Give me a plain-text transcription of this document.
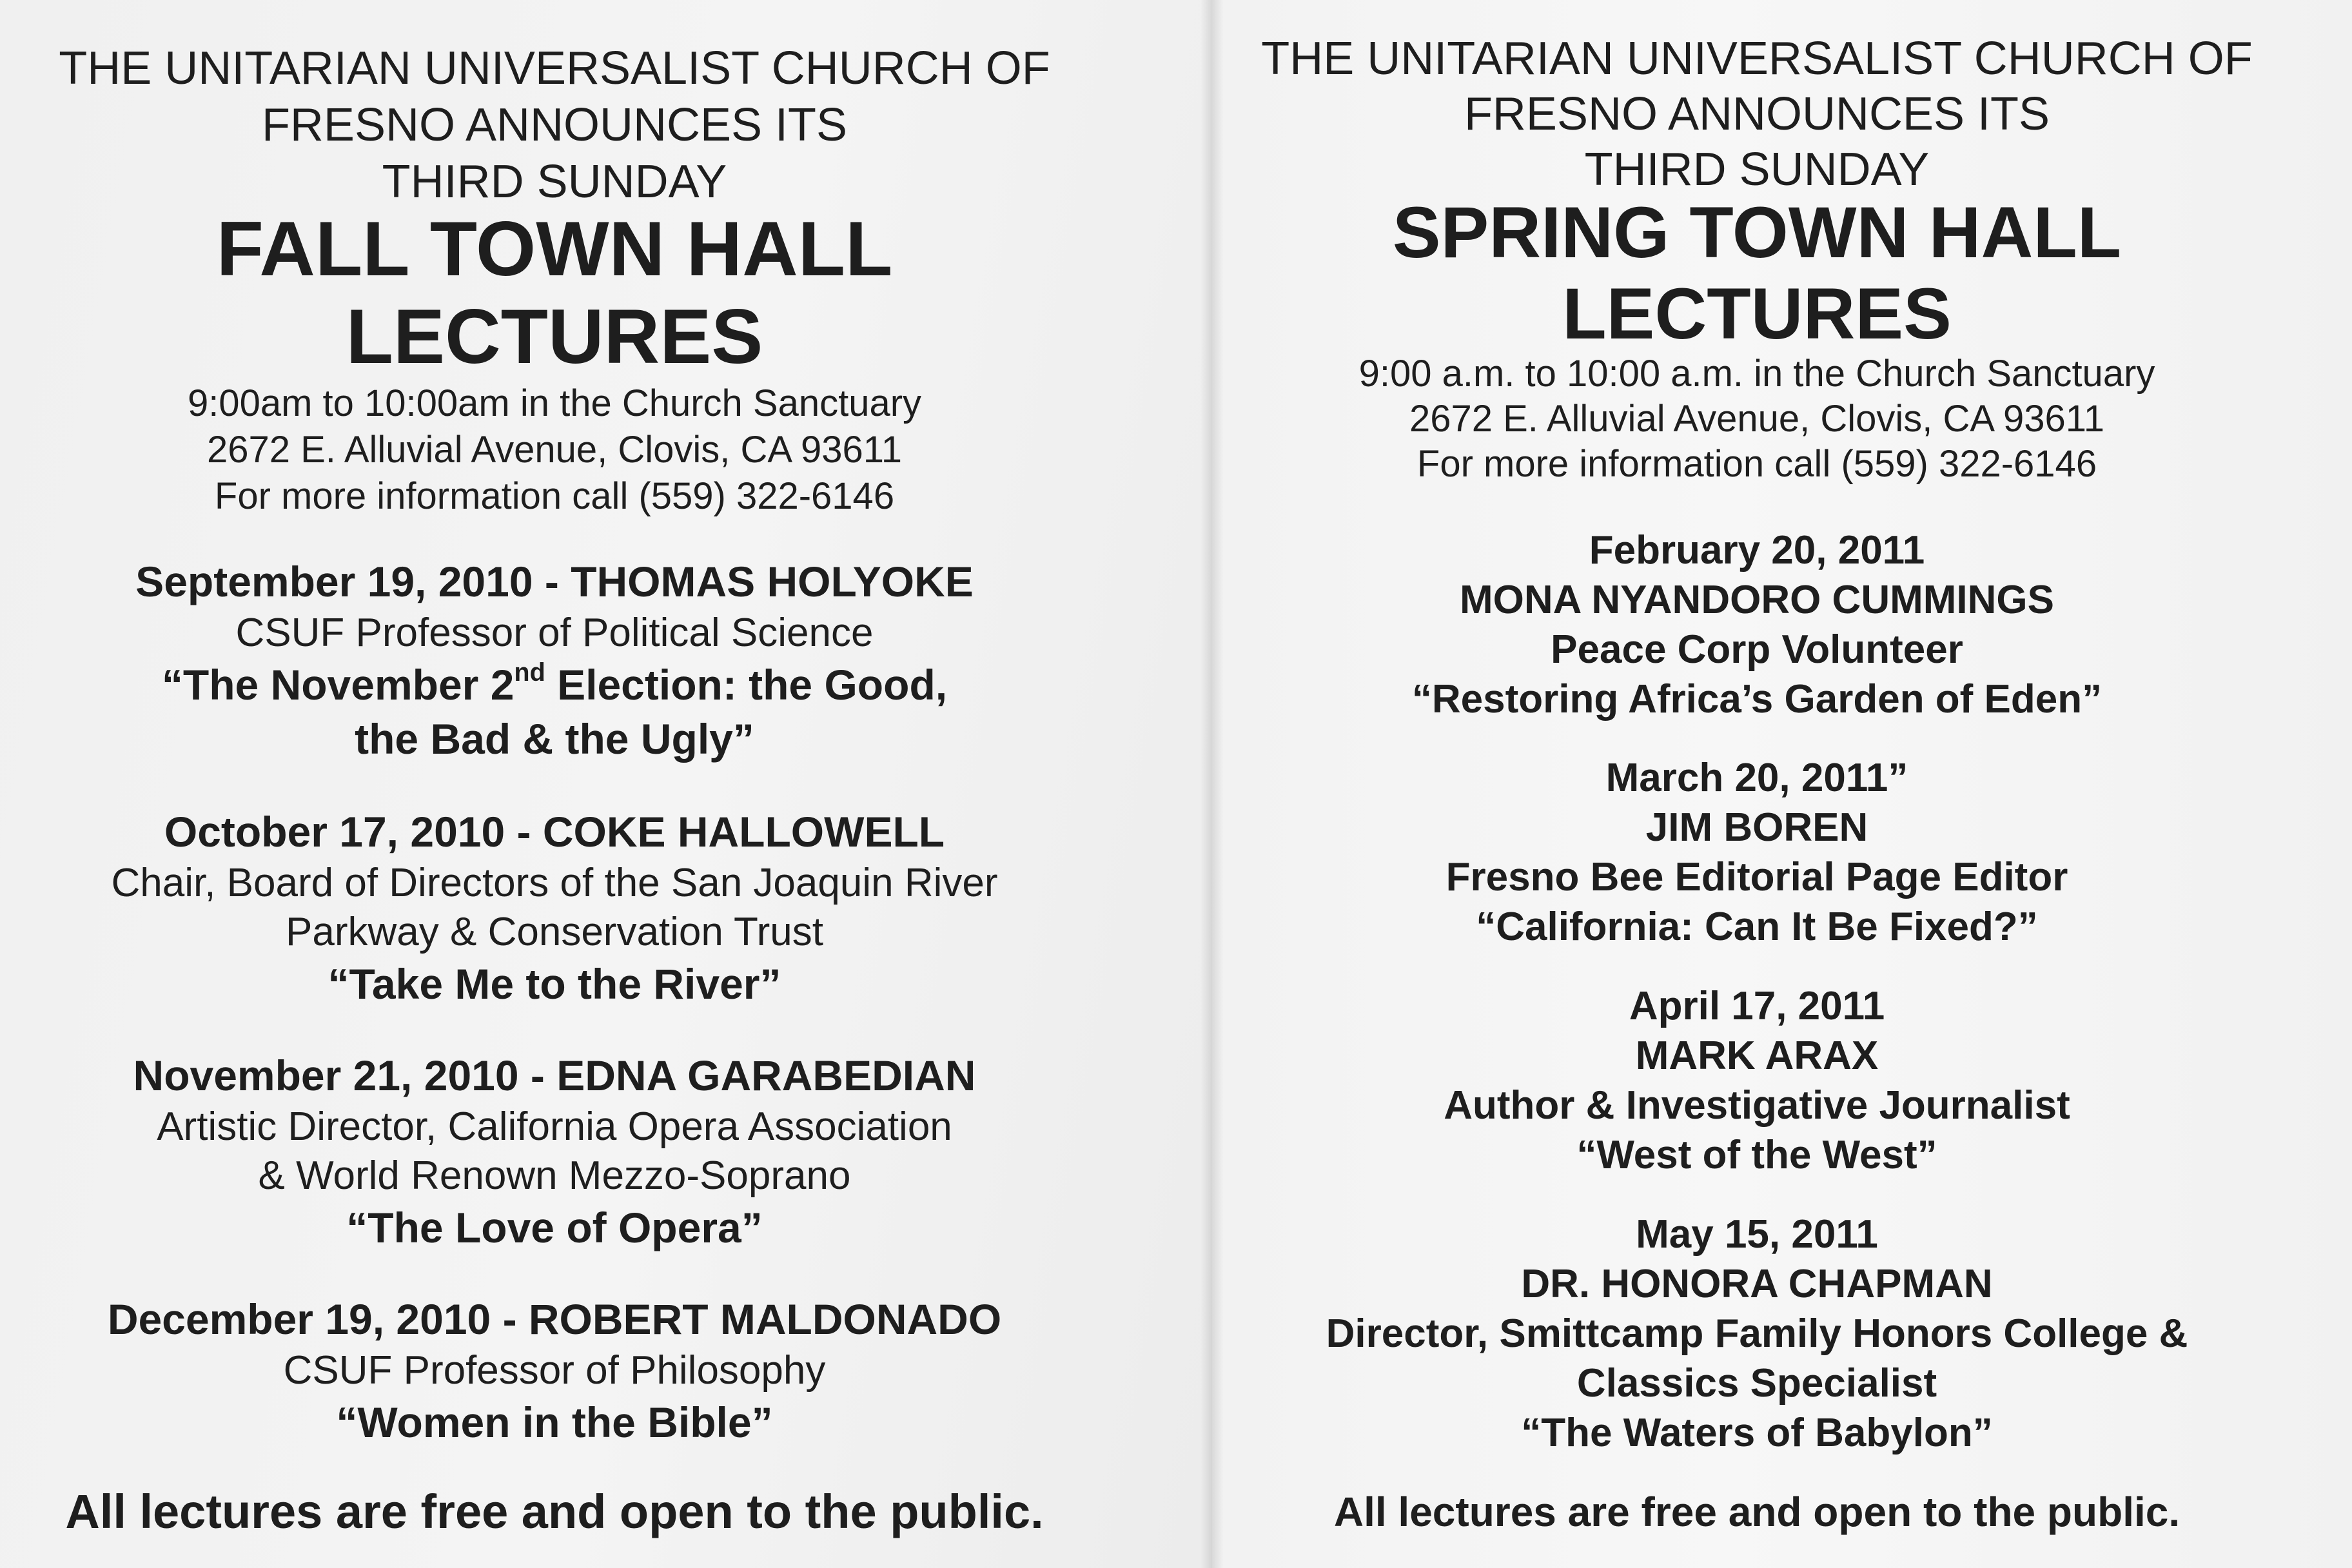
THE UNITARIAN UNIVERSALIST CHURCH OF
FRESNO ANNOUNCES ITS
THIRD SUNDAY
FALL TOWN HALL
LECTURES
9:00am to 10:00am in the Church Sanctuary
2672 E. Alluvial Avenue, Clovis, CA 93611
For more information call (559) 322-6146
September 19, 2010 - THOMAS HOLYOKE
CSUF Professor of Political Science
“The November 2nd Election: the Good,
the Bad & the Ugly”
October 17, 2010 - COKE HALLOWELL
Chair, Board of Directors of the San Joaquin River
Parkway & Conservation Trust
“Take Me to the River”
November 21, 2010 - EDNA GARABEDIAN
Artistic Director, California Opera Association
& World Renown Mezzo-Soprano
“The Love of Opera”
December 19, 2010 - ROBERT MALDONADO
CSUF Professor of Philosophy
“Women in the Bible”
All lectures are free and open to the public.
THE UNITARIAN UNIVERSALIST CHURCH OF
FRESNO ANNOUNCES ITS
THIRD SUNDAY
SPRING TOWN HALL
LECTURES
9:00 a.m. to 10:00 a.m. in the Church Sanctuary
2672 E. Alluvial Avenue, Clovis, CA 93611
For more information call (559) 322-6146
February 20, 2011
MONA NYANDORO CUMMINGS
Peace Corp Volunteer
“Restoring Africa’s Garden of Eden”
March 20, 2011”
JIM BOREN
Fresno Bee Editorial Page Editor
“California: Can It Be Fixed?”
April 17, 2011
MARK ARAX
Author & Investigative Journalist
“West of the West”
May 15, 2011
DR. HONORA CHAPMAN
Director, Smittcamp Family Honors College &
Classics Specialist
“The Waters of Babylon”
All lectures are free and open to the public.
